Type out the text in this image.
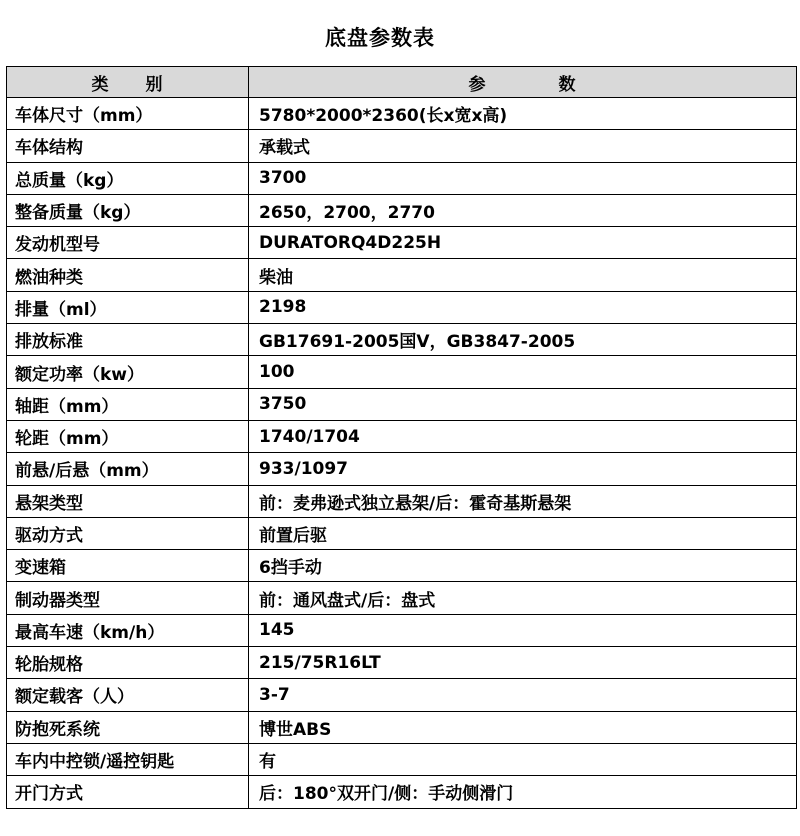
底盘参数表
类　　别	参　　　　数
车体尺寸（mm）	5780*2000*2360(长x宽x高)
车体结构	承载式
总质量（kg）	3700
整备质量（kg）	2650，2700，2770
发动机型号	DURATORQ4D225H
燃油种类	柴油
排量（ml）	2198
排放标准	GB17691-2005国Ⅴ，GB3847-2005
额定功率（kw）	100
轴距（mm）	3750
轮距（mm）	1740/1704
前悬/后悬（mm）	933/1097
悬架类型	前：麦弗逊式独立悬架/后：霍奇基斯悬架
驱动方式	前置后驱
变速箱	6挡手动
制动器类型	前：通风盘式/后：盘式
最高车速（km/h）	145
轮胎规格	215/75R16LT
额定载客（人）	3-7
防抱死系统	博世ABS
车内中控锁/遥控钥匙	有
开门方式	后：180°双开门/侧：手动侧滑门
